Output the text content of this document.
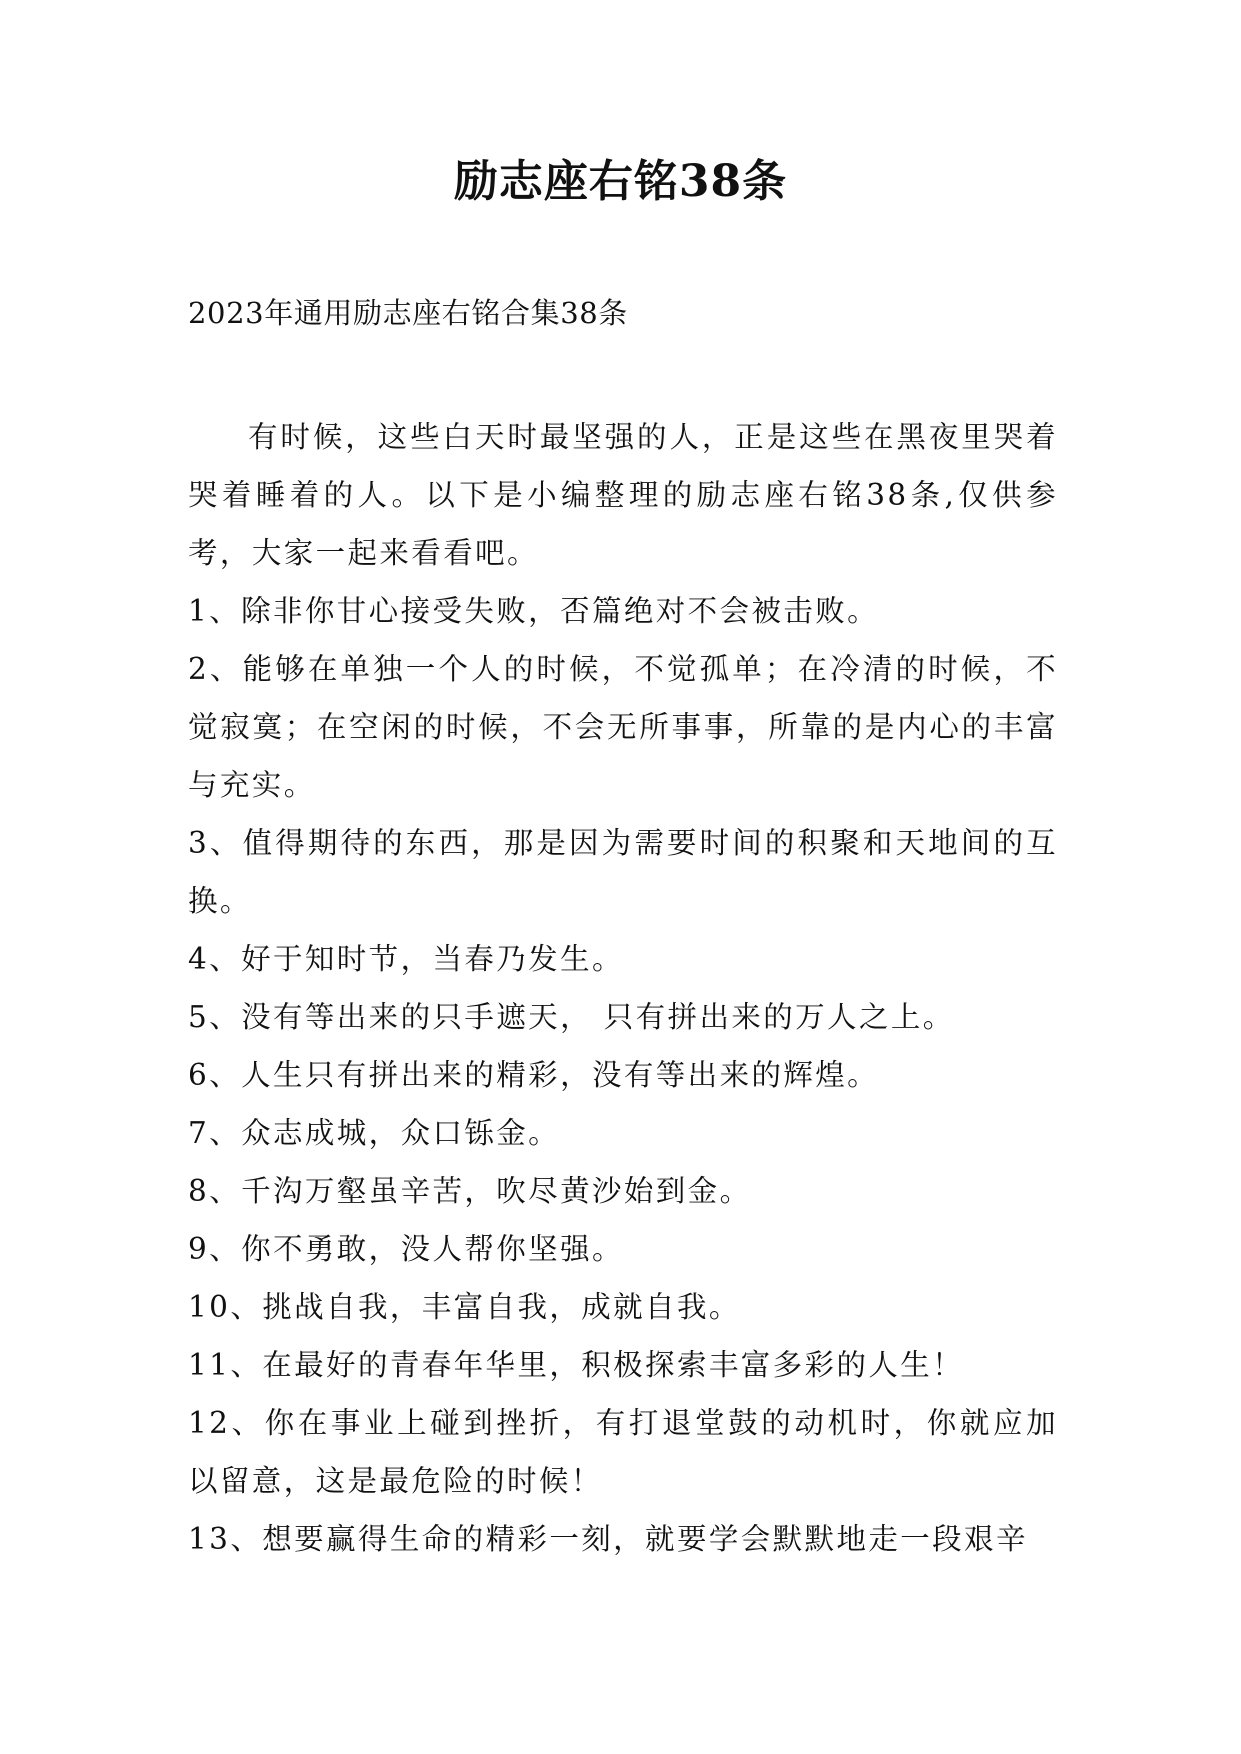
励志座右铭38条
2023年通用励志座右铭合集38条

有时候，这些白天时最坚强的人，正是这些在黑夜里哭着哭着睡着的人。以下是小编整理的励志座右铭38条,仅供参考，大家一起来看看吧。

1、除非你甘心接受失败，否篇绝对不会被击败。

2、能够在单独一个人的时候，不觉孤单；在冷清的时候，不觉寂寞；在空闲的时候，不会无所事事，所靠的是内心的丰富与充实。

3、值得期待的东西，那是因为需要时间的积聚和天地间的互换。

4、好于知时节，当春乃发生。

5、没有等出来的只手遮天， 只有拼出来的万人之上。

6、人生只有拼出来的精彩，没有等出来的辉煌。

7、众志成城，众口铄金。

8、千沟万壑虽辛苦，吹尽黄沙始到金。

9、你不勇敢，没人帮你坚强。

10、挑战自我，丰富自我，成就自我。

11、在最好的青春年华里，积极探索丰富多彩的人生！

12、你在事业上碰到挫折，有打退堂鼓的动机时，你就应加以留意，这是最危险的时候！

13、想要赢得生命的精彩一刻，就要学会默默地走一段艰辛
